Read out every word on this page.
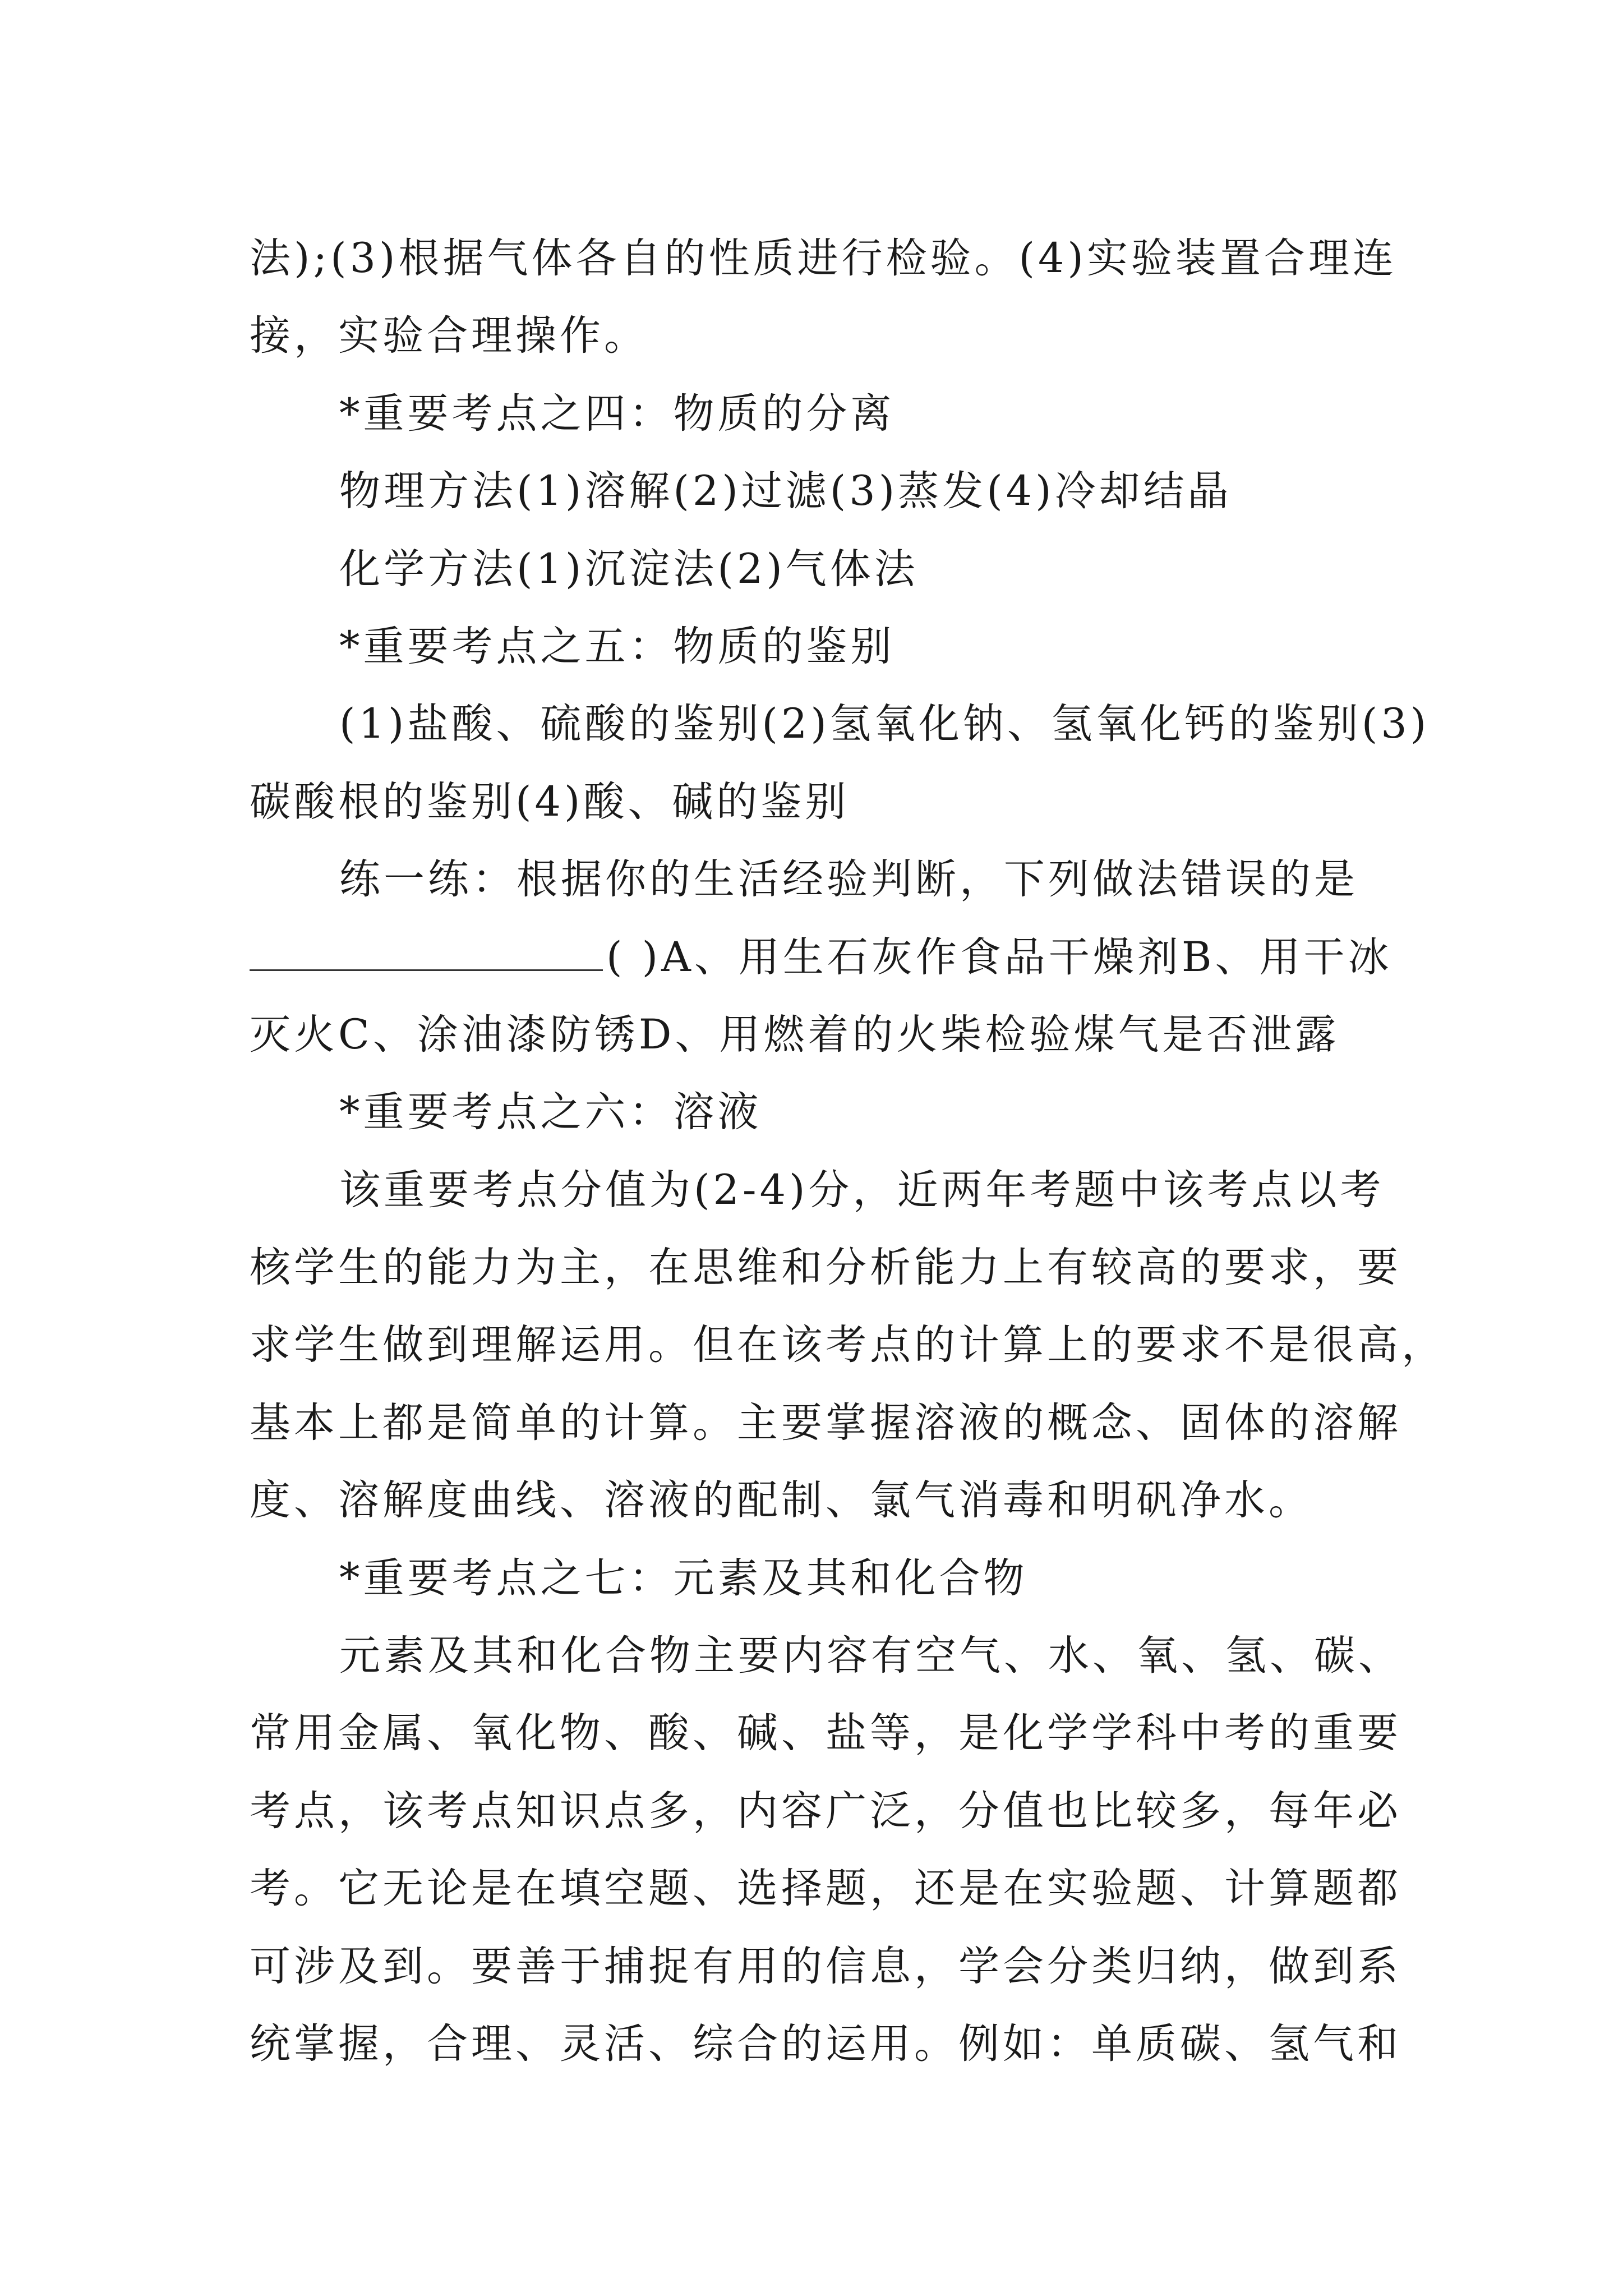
法);(3)根据气体各自的性质进行检验。(4)实验装置合理连
接，实验合理操作。
*重要考点之四：物质的分离
物理方法(1)溶解(2)过滤(3)蒸发(4)冷却结晶
化学方法(1)沉淀法(2)气体法
*重要考点之五：物质的鉴别
(1)盐酸、硫酸的鉴别(2)氢氧化钠、氢氧化钙的鉴别(3)
碳酸根的鉴别(4)酸、碱的鉴别
练一练：根据你的生活经验判断，下列做法错误的是
( )A、用生石灰作食品干燥剂B、用干冰
灭火C、涂油漆防锈D、用燃着的火柴检验煤气是否泄露
*重要考点之六：溶液
该重要考点分值为(2-4)分，近两年考题中该考点以考
核学生的能力为主，在思维和分析能力上有较高的要求，要
求学生做到理解运用。但在该考点的计算上的要求不是很高，
基本上都是简单的计算。主要掌握溶液的概念、固体的溶解
度、溶解度曲线、溶液的配制、氯气消毒和明矾净水。
*重要考点之七：元素及其和化合物
元素及其和化合物主要内容有空气、水、氧、氢、碳、
常用金属、氧化物、酸、碱、盐等，是化学学科中考的重要
考点，该考点知识点多，内容广泛，分值也比较多，每年必
考。它无论是在填空题、选择题，还是在实验题、计算题都
可涉及到。要善于捕捉有用的信息，学会分类归纳，做到系
统掌握，合理、灵活、综合的运用。例如：单质碳、氢气和
